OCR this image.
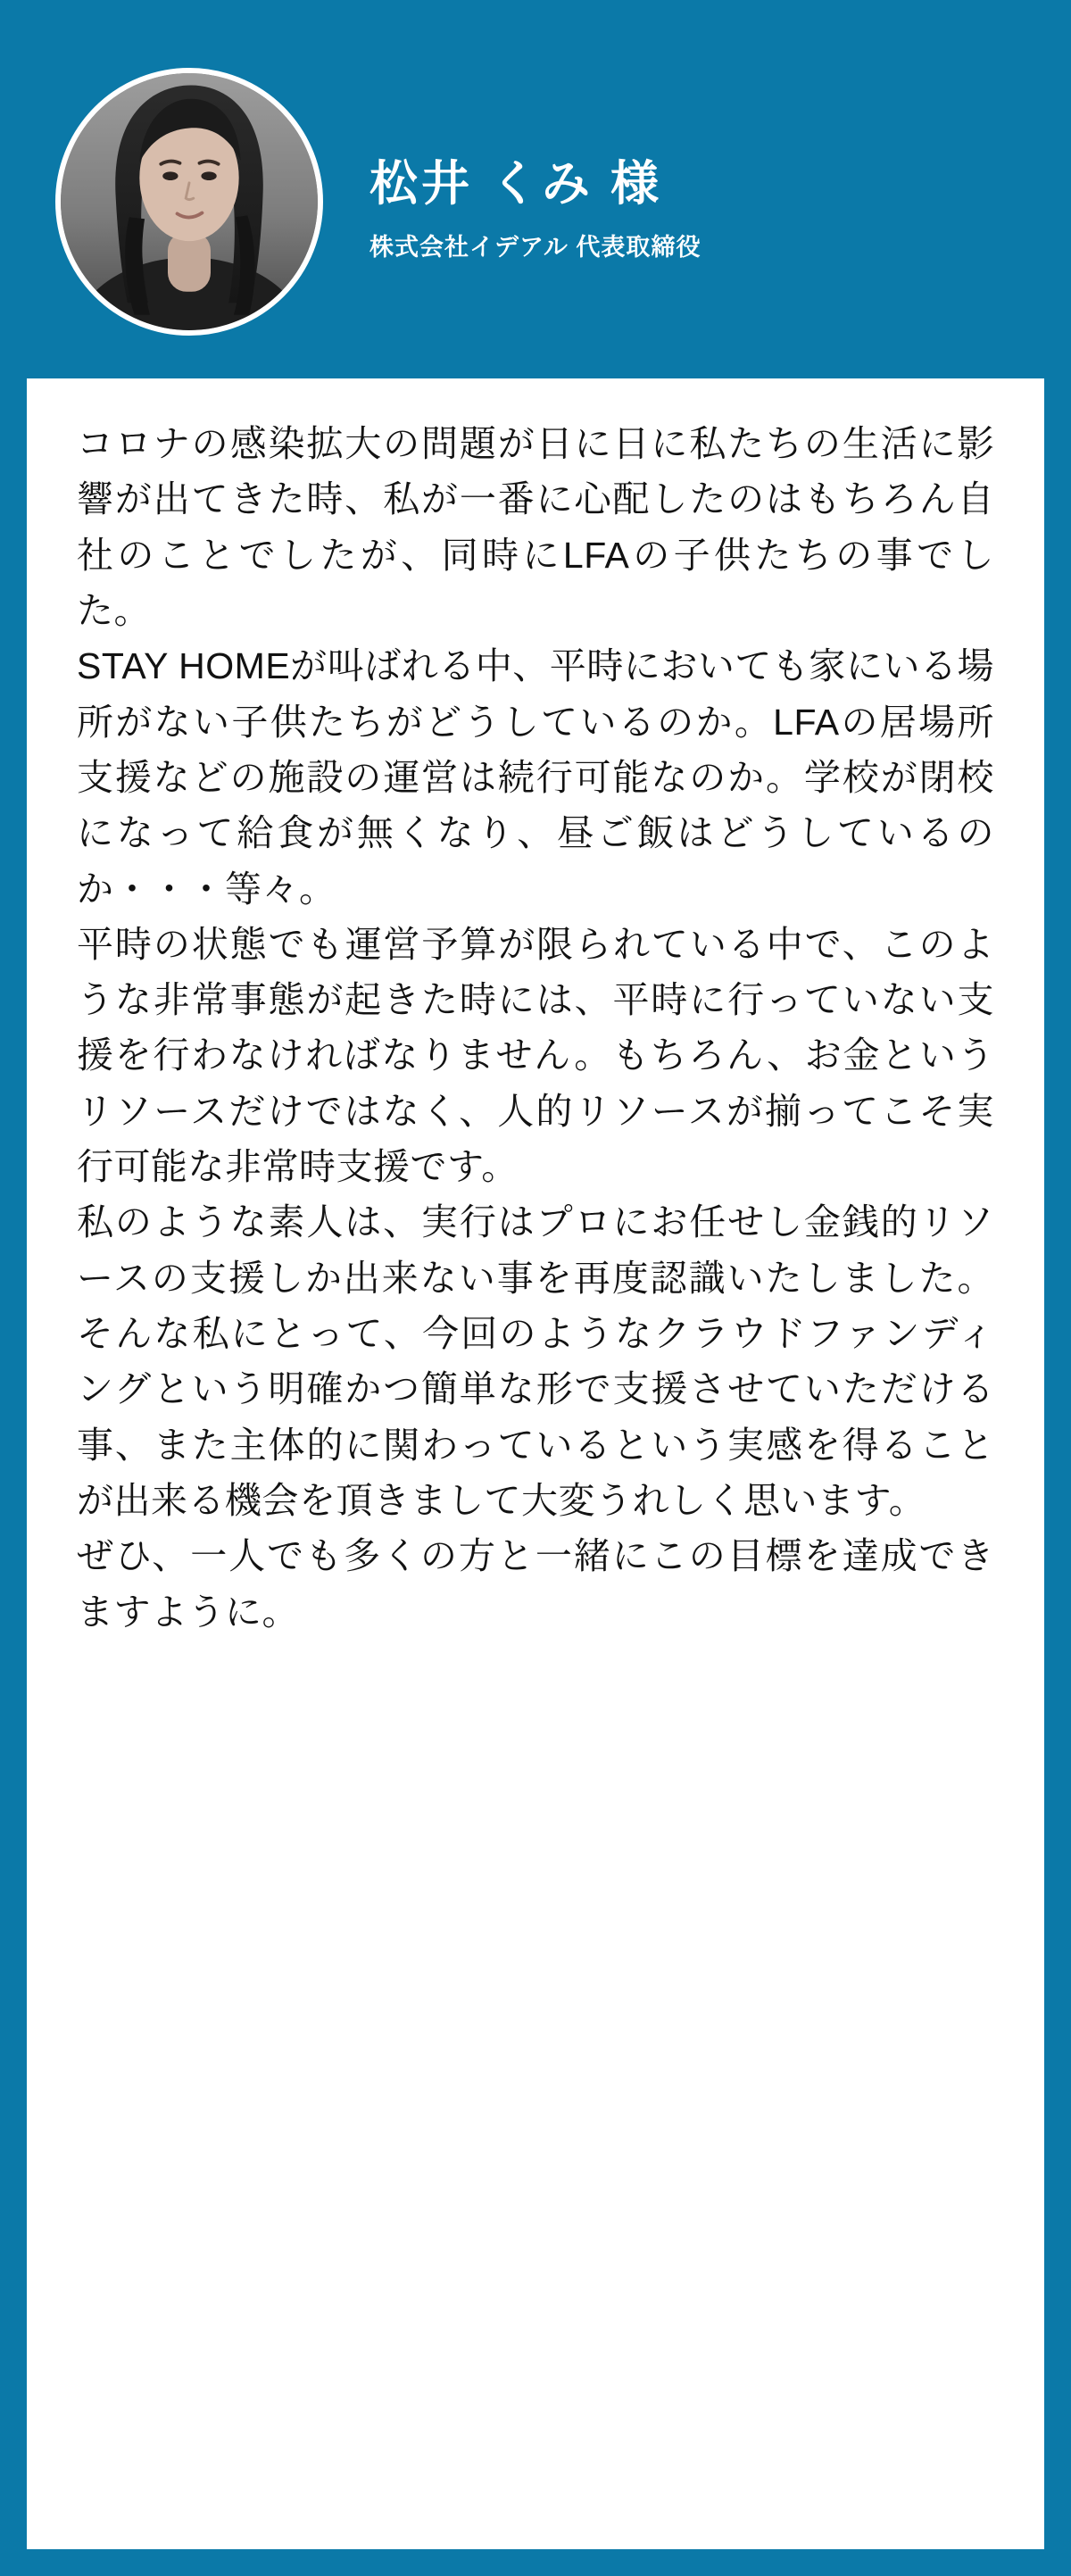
松井 くみ 様

株式会社イデアル 代表取締役

コロナの感染拡大の問題が日に日に私たちの生活に影響が出てきた時、私が一番に心配したのはもちろん自社のことでしたが、同時にLFAの子供たちの事でした。

STAY HOMEが叫ばれる中、平時においても家にいる場所がない子供たちがどうしているのか。LFAの居場所支援などの施設の運営は続行可能なのか。学校が閉校になって給食が無くなり、昼ご飯はどうしているのか・・・等々。

平時の状態でも運営予算が限られている中で、このような非常事態が起きた時には、平時に行っていない支援を行わなければなりません。もちろん、お金というリソースだけではなく、人的リソースが揃ってこそ実行可能な非常時支援です。

私のような素人は、実行はプロにお任せし金銭的リソースの支援しか出来ない事を再度認識いたしました。そんな私にとって、今回のようなクラウドファンディングという明確かつ簡単な形で支援させていただける事、また主体的に関わっているという実感を得ることが出来る機会を頂きまして大変うれしく思います。

ぜひ、一人でも多くの方と一緒にこの目標を達成できますように。
